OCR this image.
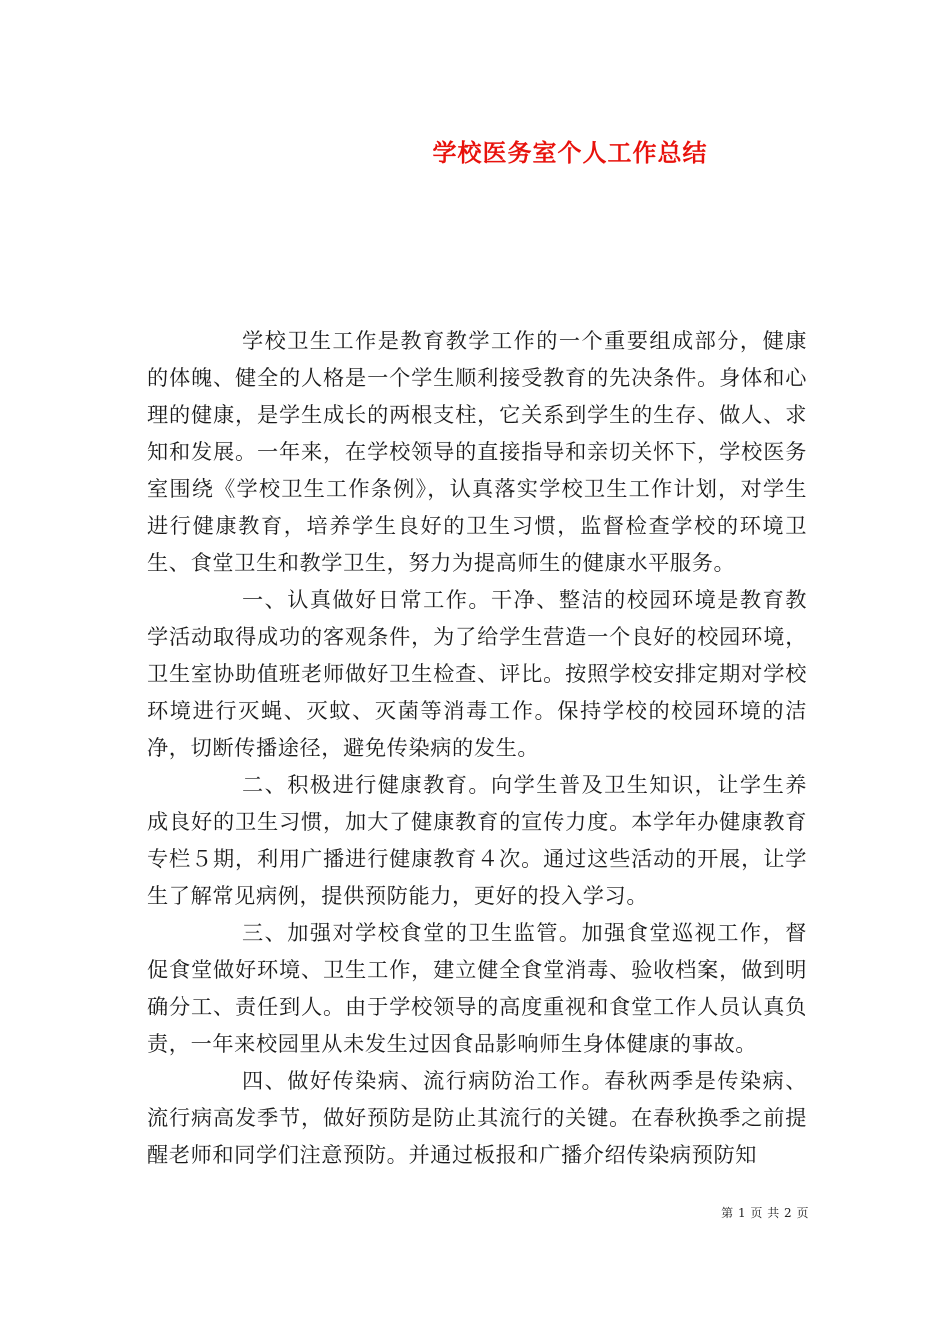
学校医务室个人工作总结

学校卫生工作是教育教学工作的一个重要组成部分，健康的体魄、健全的人格是一个学生顺利接受教育的先决条件。身体和心理的健康，是学生成长的两根支柱，它关系到学生的生存、做人、求知和发展。一年来，在学校领导的直接指导和亲切关怀下，学校医务室围绕《学校卫生工作条例》，认真落实学校卫生工作计划，对学生进行健康教育，培养学生良好的卫生习惯，监督检查学校的环境卫生、食堂卫生和教学卫生，努力为提高师生的健康水平服务。

一、认真做好日常工作。干净、整洁的校园环境是教育教学活动取得成功的客观条件，为了给学生营造一个良好的校园环境，卫生室协助值班老师做好卫生检查、评比。按照学校安排定期对学校环境进行灭蝇、灭蚊、灭菌等消毒工作。保持学校的校园环境的洁净，切断传播途径，避免传染病的发生。

二、积极进行健康教育。向学生普及卫生知识，让学生养成良好的卫生习惯，加大了健康教育的宣传力度。本学年办健康教育专栏５期，利用广播进行健康教育４次。通过这些活动的开展，让学生了解常见病例，提供预防能力，更好的投入学习。

三、加强对学校食堂的卫生监管。加强食堂巡视工作，督促食堂做好环境、卫生工作，建立健全食堂消毒、验收档案，做到明确分工、责任到人。由于学校领导的高度重视和食堂工作人员认真负责，一年来校园里从未发生过因食品影响师生身体健康的事故。

四、做好传染病、流行病防治工作。春秋两季是传染病、流行病高发季节，做好预防是防止其流行的关键。在春秋换季之前提醒老师和同学们注意预防。并通过板报和广播介绍传染病预防知

第 1 页 共 2 页
